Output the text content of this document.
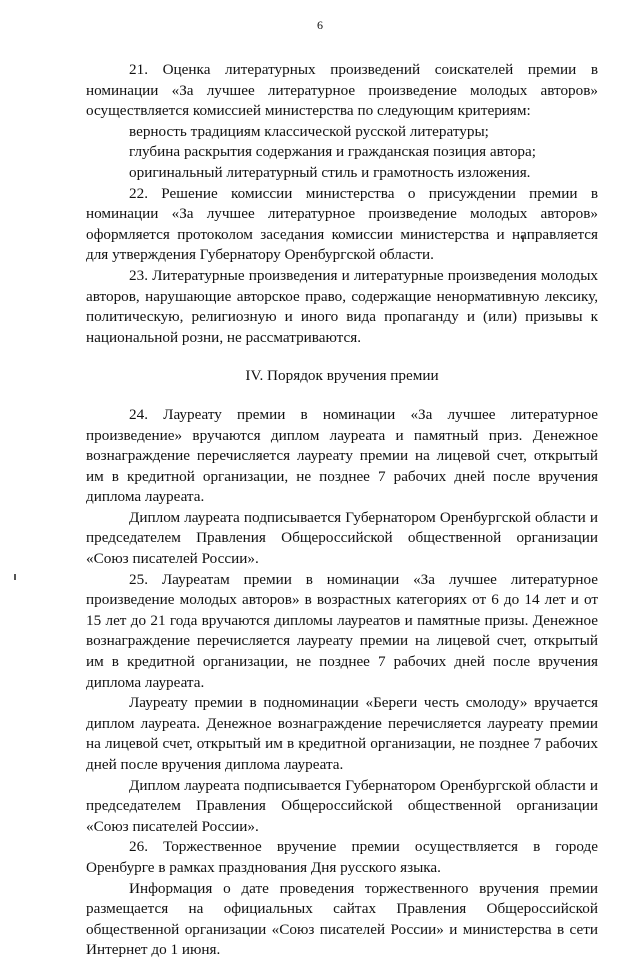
6

21. Оценка литературных произведений соискателей премии в номинации «За лучшее литературное произведение молодых авторов» осуществляется комиссией министерства по следующим критериям:

верность традициям классической русской литературы;

глубина раскрытия содержания и гражданская позиция автора;

оригинальный литературный стиль и грамотность изложения.

22. Решение комиссии министерства о присуждении премии в номинации «За лучшее литературное произведение молодых авторов» оформляется протоколом заседания комиссии министерства и направляется для утверждения Губернатору Оренбургской области.

23. Литературные произведения и литературные произведения молодых авторов, нарушающие авторское право, содержащие ненормативную лексику, политическую, религиозную и иного вида пропаганду и (или) призывы к национальной розни, не рассматриваются.

IV. Порядок вручения премии

24. Лауреату премии в номинации «За лучшее литературное произведение» вручаются диплом лауреата и памятный приз. Денежное вознаграждение перечисляется лауреату премии на лицевой счет, открытый им в кредитной организации, не позднее 7 рабочих дней после вручения диплома лауреата.

Диплом лауреата подписывается Губернатором Оренбургской области и председателем Правления Общероссийской общественной организации «Союз писателей России».

25. Лауреатам премии в номинации «За лучшее литературное произведение молодых авторов» в возрастных категориях от 6 до 14 лет и от 15 лет до 21 года вручаются дипломы лауреатов и памятные призы. Денежное вознаграждение перечисляется лауреату премии на лицевой счет, открытый им в кредитной организации, не позднее 7 рабочих дней после вручения диплома лауреата.

Лауреату премии в подноминации «Береги честь смолоду» вручается диплом лауреата. Денежное вознаграждение перечисляется лауреату премии на лицевой счет, открытый им в кредитной организации, не позднее 7 рабочих дней после вручения диплома лауреата.

Диплом лауреата подписывается Губернатором Оренбургской области и председателем Правления Общероссийской общественной организации «Союз писателей России».

26. Торжественное вручение премии осуществляется в городе Оренбурге в рамках празднования Дня русского языка.

Информация о дате проведения торжественного вручения премии размещается на официальных сайтах Правления Общероссийской общественной организации «Союз писателей России» и министерства в сети Интернет до 1 июня.
